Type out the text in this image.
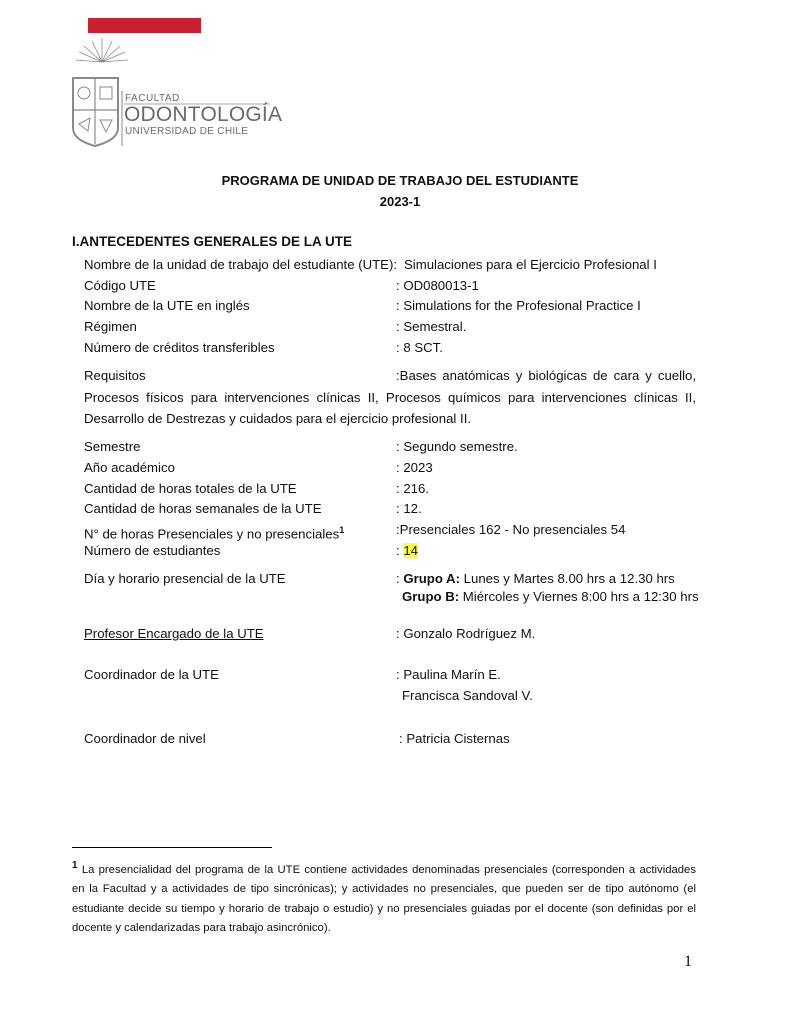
FACULTAD
ODONTOLOGÍA
UNIVERSIDAD DE CHILE
PROGRAMA DE UNIDAD DE TRABAJO DEL ESTUDIANTE
2023-1
I.ANTECEDENTES GENERALES DE LA UTE
Nombre de la unidad de trabajo del estudiante (UTE): Simulaciones para el Ejercicio Profesional I
Código UTE	: OD080013-1
Nombre de la UTE en inglés	: Simulations for the Profesional Practice I
Régimen	: Semestral.
Número de créditos transferibles	: 8 SCT.
Requisitos	:Bases anatómicas y biológicas de cara y cuello, Procesos físicos para intervenciones clínicas II, Procesos químicos para intervenciones clínicas II, Desarrollo de Destrezas y cuidados para el ejercicio profesional II.
Semestre	: Segundo semestre.
Año académico	: 2023
Cantidad de horas totales de la UTE	: 216.
Cantidad de horas semanales de la UTE	: 12.
N° de horas Presenciales y no presenciales$^1$	:Presenciales 162 - No presenciales 54
Número de estudiantes	: 14
Día y horario presencial de la UTE	: Grupo A: Lunes y Martes 8.00 hrs a 12.30 hrs
Grupo B: Miércoles y Viernes 8:00 hrs a 12:30 hrs
Profesor Encargado de la UTE	: Gonzalo Rodríguez M.
Coordinador de la UTE	: Paulina Marín E.
Francisca Sandoval V.
Coordinador de nivel	: Patricia Cisternas
$^1$ La presencialidad del programa de la UTE contiene actividades denominadas presenciales (corresponden a actividades en la Facultad y a actividades de tipo sincrónicas); y actividades no presenciales, que pueden ser de tipo autónomo (el estudiante decide su tiempo y horario de trabajo o estudio) y no presenciales guiadas por el docente (son definidas por el docente y calendarizadas para trabajo asincrónico).
1
